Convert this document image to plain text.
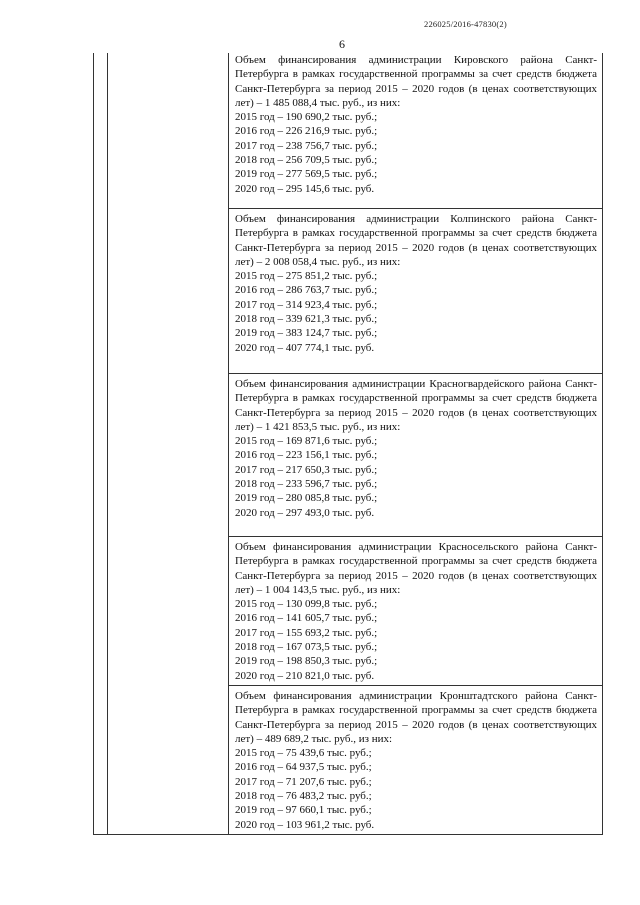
226025/2016-47830(2)
6

Объем финансирования администрации Кировского района Санкт-Петербурга в рамках государственной программы за счет средств бюджета Санкт-Петербурга за период 2015 – 2020 годов (в ценах соответствующих лет) – 1 485 088,4 тыс. руб., из них:

2015 год – 190 690,2 тыс. руб.;

2016 год – 226 216,9 тыс. руб.;

2017 год – 238 756,7 тыс. руб.;

2018 год – 256 709,5 тыс. руб.;

2019 год – 277 569,5 тыс. руб.;

2020 год – 295 145,6 тыс. руб.

Объем финансирования администрации Колпинского района Санкт-Петербурга в рамках государственной программы за счет средств бюджета Санкт-Петербурга за период 2015 – 2020 годов (в ценах соответствующих лет) – 2 008 058,4 тыс. руб., из них:

2015 год – 275 851,2 тыс. руб.;

2016 год – 286 763,7 тыс. руб.;

2017 год – 314 923,4 тыс. руб.;

2018 год – 339 621,3 тыс. руб.;

2019 год – 383 124,7 тыс. руб.;

2020 год – 407 774,1 тыс. руб.

Объем финансирования администрации Красногвардейского района Санкт-Петербурга в рамках государственной программы за счет средств бюджета Санкт-Петербурга за период 2015 – 2020 годов (в ценах соответствующих лет) – 1 421 853,5 тыс. руб., из них:

2015 год – 169 871,6 тыс. руб.;

2016 год – 223 156,1 тыс. руб.;

2017 год – 217 650,3 тыс. руб.;

2018 год – 233 596,7 тыс. руб.;

2019 год – 280 085,8 тыс. руб.;

2020 год – 297 493,0 тыс. руб.

Объем финансирования администрации Красносельского района Санкт-Петербурга в рамках государственной программы за счет средств бюджета Санкт-Петербурга за период 2015 – 2020 годов (в ценах соответствующих лет) – 1 004 143,5 тыс. руб., из них:

2015 год – 130 099,8 тыс. руб.;

2016 год – 141 605,7 тыс. руб.;

2017 год – 155 693,2 тыс. руб.;

2018 год – 167 073,5 тыс. руб.;

2019 год – 198 850,3 тыс. руб.;

2020 год – 210 821,0 тыс. руб.

Объем финансирования администрации Кронштадтского района Санкт-Петербурга в рамках государственной программы за счет средств бюджета Санкт-Петербурга за период 2015 – 2020 годов (в ценах соответствующих лет) – 489 689,2 тыс. руб., из них:

2015 год – 75 439,6 тыс. руб.;

2016 год – 64 937,5 тыс. руб.;

2017 год – 71 207,6 тыс. руб.;

2018 год – 76 483,2 тыс. руб.;

2019 год – 97 660,1 тыс. руб.;

2020 год – 103 961,2 тыс. руб.
